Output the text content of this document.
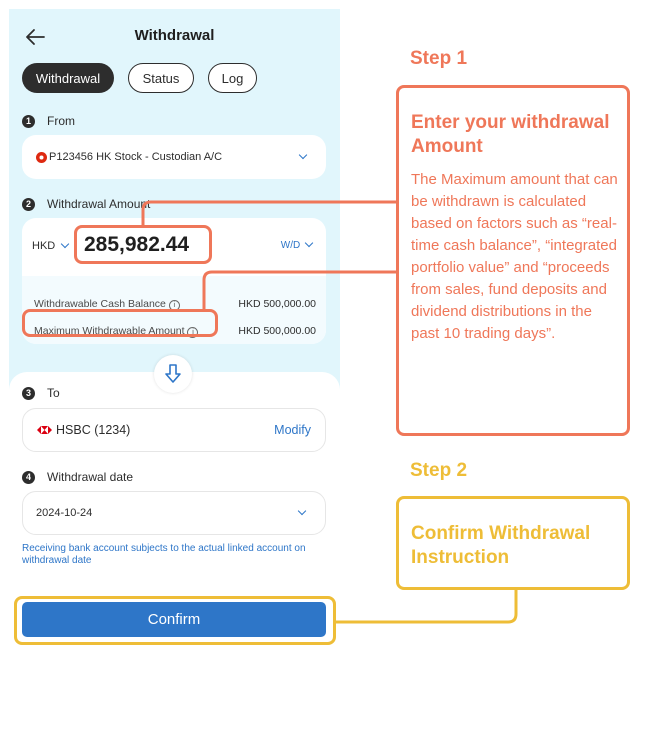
Withdrawal
Withdrawal	Status	Log
1	From
P123456 HK Stock - Custodian A/C
2	Withdrawal Amount
HKD	285,982.44	W/D
Withdrawable Cash Balance i	HKD 500,000.00
Maximum Withdrawable Amount i	HKD 500,000.00
3	To
HSBC (1234)	Modify
4	Withdrawal date
2024-10-24
Receiving bank account subjects to the actual linked account on withdrawal date
Confirm
Step 1
Enter your withdrawal Amount
The Maximum amount that can be withdrawn is calculated based on factors such as “real-time cash balance”, “integrated portfolio value” and “proceeds from sales, fund deposits and dividend distributions in the past 10 trading days”.
Step 2
Confirm Withdrawal Instruction
